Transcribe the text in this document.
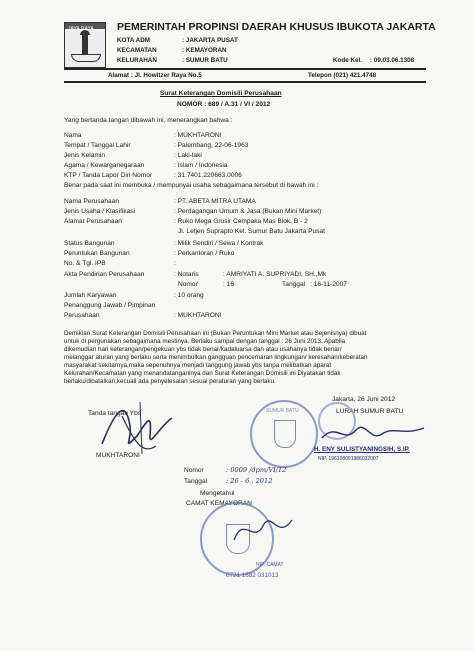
JAYA RAYA PEMERINTAH PROPINSI DAERAH KHUSUS IBUKOTA JAKARTA
KOTA ADM	: JAKARTA PUSAT
KECAMATAN	: KEMAYORAN
KELURAHAN	: SUMUR BATU	Kode Kel. : 09.03.06.1308
Alamat : Jl. Howitzer Raya No.5	Telepon (021) 421.4748
Surat Keterangan Domisili Perusahaan
NOMOR : 689 / A.31 / VI / 2012
Yang bertanda tangan dibawah ini, menerangkan bahwa :
Nama	: MUKHTARONI
Tempat / Tanggal Lahir	: Palembang, 22-06-1963
Jenis Kelamin	: Laki-laki
Agama / Kewarganegaraan	: Islam / Indonesia
KTP / Tanda Lapor Diri Nomor	: 31.7401.220663.0006
Benar pada saat ini membuka / mempunyai usaha sebagaimana tersebut di bawah ini :
Nama Perusahaan	: PT. ABETA MITRA UTAMA
Jenis Usaha / Klasifikasi	: Perdagangan Umum & Jasa (Bukan Mini Market)
Alamat Perusahaan	: Ruko Mega Grosir Cempaka Mas Blok. B - 2
Jl. Letjen Suprapto Kel. Sumur Batu Jakarta Pusat
Status Bangunan	: Milik Sendiri / Sewa / Kontrak
Peruntukan Bangunan	: Perkantoran / Ruko
No. & Tgl. IPB	:
Akta Pendirian Perusahaan	: Notaris	: AMRIYATI A. SUPRIYADI, SH.,Mk
Nomor	: 16	Tanggal : 16-11-2007
Jumlah Karyawan	: 10 orang
Penanggung Jawab / Pimpinan
Perusahaan	: MUKHTARONI
Demikian Surat Keterangan Domisili Perusahaan ini (Bukan Peruntukan Mini Market atau Sejenisnya) dibuat
untuk di pergunakan sebagaimana mestinya. Berlaku sampai dengan tanggal : 26 Juni 2013. Apabila
dikemudian hari keterangan/pengekuan ybs tidak benar/kadaluarsa dan atau usahanya tidak benar/
melanggar aturan yang berlaku serta menimbulkan gangguan pencemaran lingkungan/ keresahan/keberatan
masyarakat sekitarnya,maka sepenuhnya menjadi tanggung jawab ybs tanpa melibatkan aparat
Kelurahan/Kecamatan yang menandatanganinya dan Surat Keterangan Domisili ini Diyatakan tidak
berlaku/dibatalkan,kecuali ada penyelesaian sesuai peraturan yang berlaku.
Jakarta, 26 Juni 2012
Tanda tangan Ybs	LURAH SUMUR BATU
MUKHTARONI
SUMUR BATU
H. ENY SULISTYANINGSIH, S.IP.
NIP. 196108091986032007
Nomor	: 0009 /dpm/VI/12
Tanggal	: 26 - 6 . 2012
Mengetahui
CAMAT KEMAYORAN
NIP. CAMAT
0721 1682 031013
